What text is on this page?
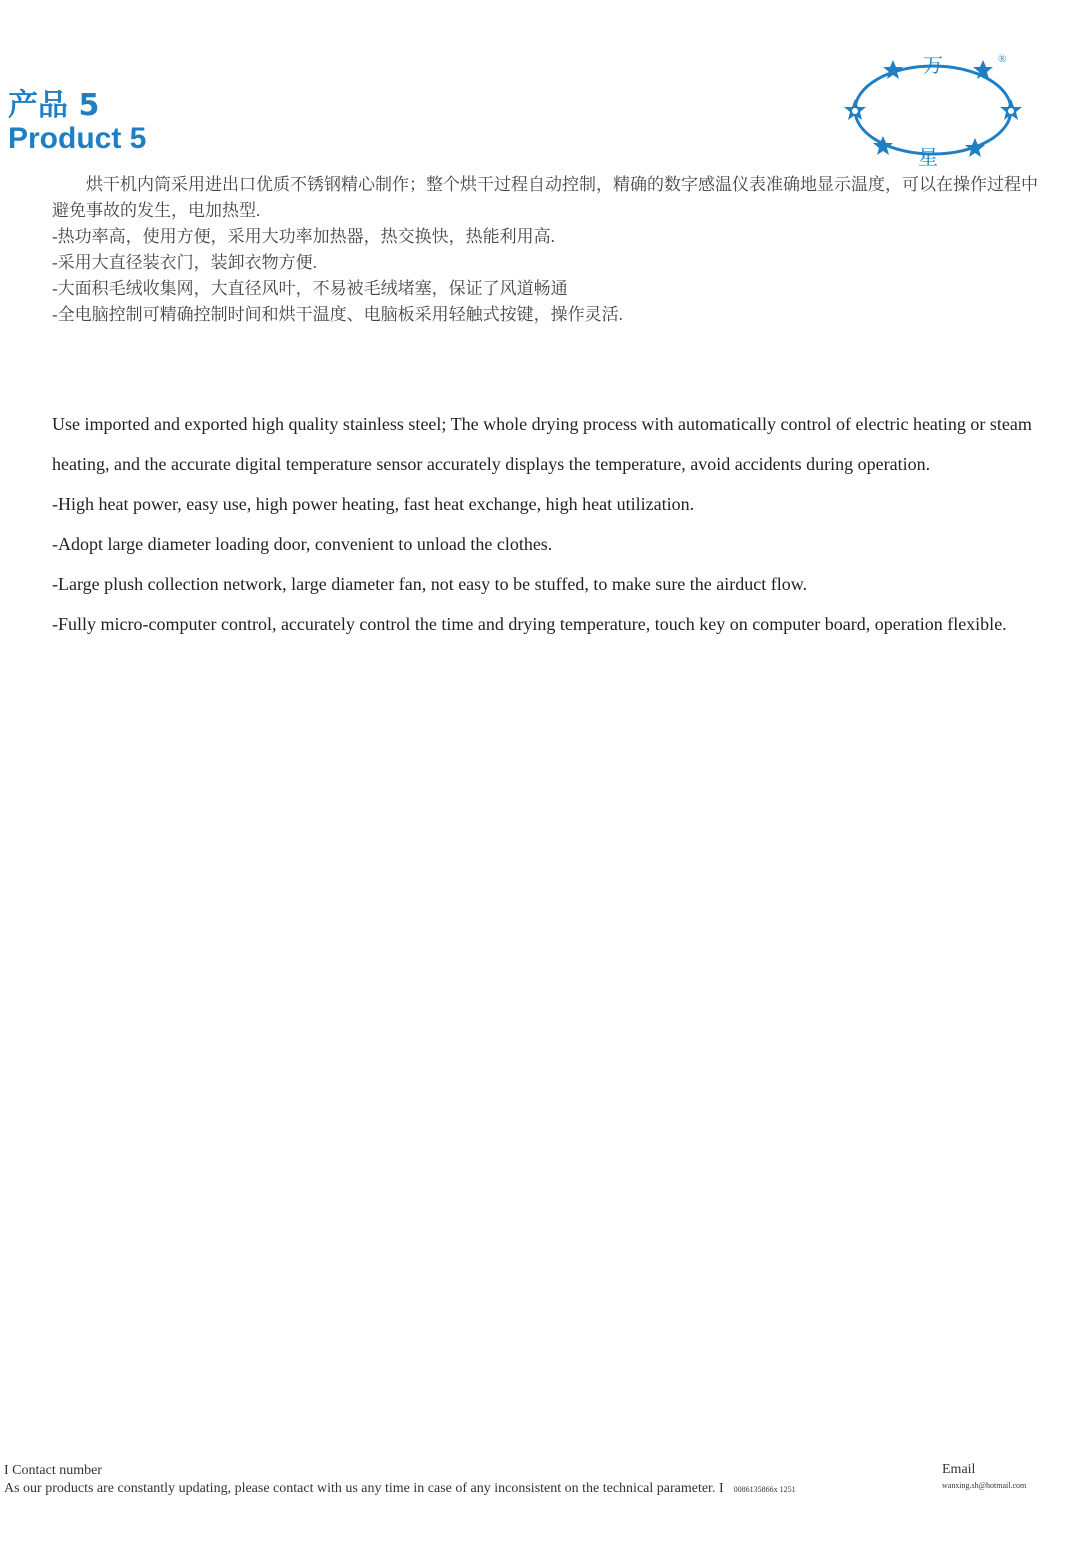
产品 5
Product 5
万
星
®

　　烘干机内筒采用进出口优质不锈钢精心制作；整个烘干过程自动控制，精确的数字感温仪表准确地显示温度，可以在操作过程中避免事故的发生，电加热型.

-热功率高，使用方便，采用大功率加热器，热交换快，热能利用高.

-采用大直径装衣门，装卸衣物方便.

-大面积毛绒收集网，大直径风叶，不易被毛绒堵塞，保证了风道畅通

-全电脑控制可精确控制时间和烘干温度、电脑板采用轻触式按键，操作灵活.

Use imported and exported high quality stainless steel; The whole drying process with automatically control of electric heating or steam heating, and the accurate digital temperature sensor accurately displays the temperature, avoid accidents during operation.

-High heat power, easy use, high power heating, fast heat exchange, high heat utilization.

-Adopt large diameter loading door, convenient to unload the clothes.

-Large plush collection network, large diameter fan, not easy to be stuffed, to make sure the airduct flow.

-Fully micro-computer control, accurately control the time and drying temperature, touch key on computer board, operation flexible.

I Contact number
As our products are constantly updating, please contact with us any time in case of any inconsistent on the technical parameter. I 0086135866x 1251
Email
wanxing.sh@hotmail.com
